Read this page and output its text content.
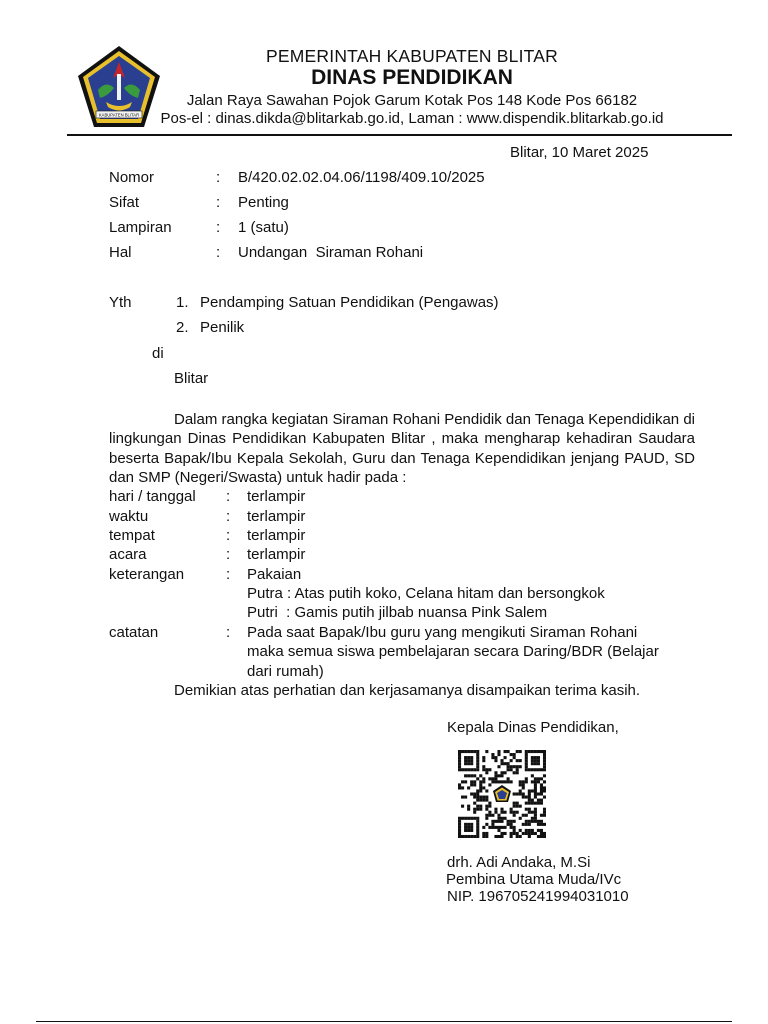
KABUPATEN BLITAR
PEMERINTAH KABUPATEN BLITAR
DINAS PENDIDIKAN
Jalan Raya Sawahan Pojok Garum Kotak Pos 148 Kode Pos 66182
Pos-el : dinas.dikda@blitarkab.go.id, Laman : www.dispendik.blitarkab.go.id
Blitar, 10 Maret 2025
Nomor	: B/420.02.02.04.06/1198/409.10/2025
Sifat	: Penting
Lampiran	: 1 (satu)
Hal	: Undangan  Siraman Rohani
Yth	1. Pendamping Satuan Pendidikan (Pengawas)
2. Penilik
di
Blitar
Dalam rangka kegiatan Siraman Rohani Pendidik dan Tenaga Kependidikan di lingkungan Dinas Pendidikan Kabupaten Blitar , maka mengharap kehadiran Saudara beserta Bapak/Ibu Kepala Sekolah, Guru dan Tenaga Kependidikan jenjang PAUD, SD dan SMP (Negeri/Swasta) untuk hadir pada :
hari / tanggal : terlampir
waktu	: terlampir
tempat	: terlampir
acara	: terlampir
keterangan	: Pakaian
Putra : Atas putih koko, Celana hitam dan bersongkok
Putri  : Gamis putih jilbab nuansa Pink Salem
catatan	: Pada saat Bapak/Ibu guru yang mengikuti Siraman Rohani
maka semua siswa pembelajaran secara Daring/BDR (Belajar
dari rumah)
Demikian atas perhatian dan kerjasamanya disampaikan terima kasih.
Kepala Dinas Pendidikan,
drh. Adi Andaka, M.Si
Pembina Utama Muda/IVc
NIP. 196705241994031010
